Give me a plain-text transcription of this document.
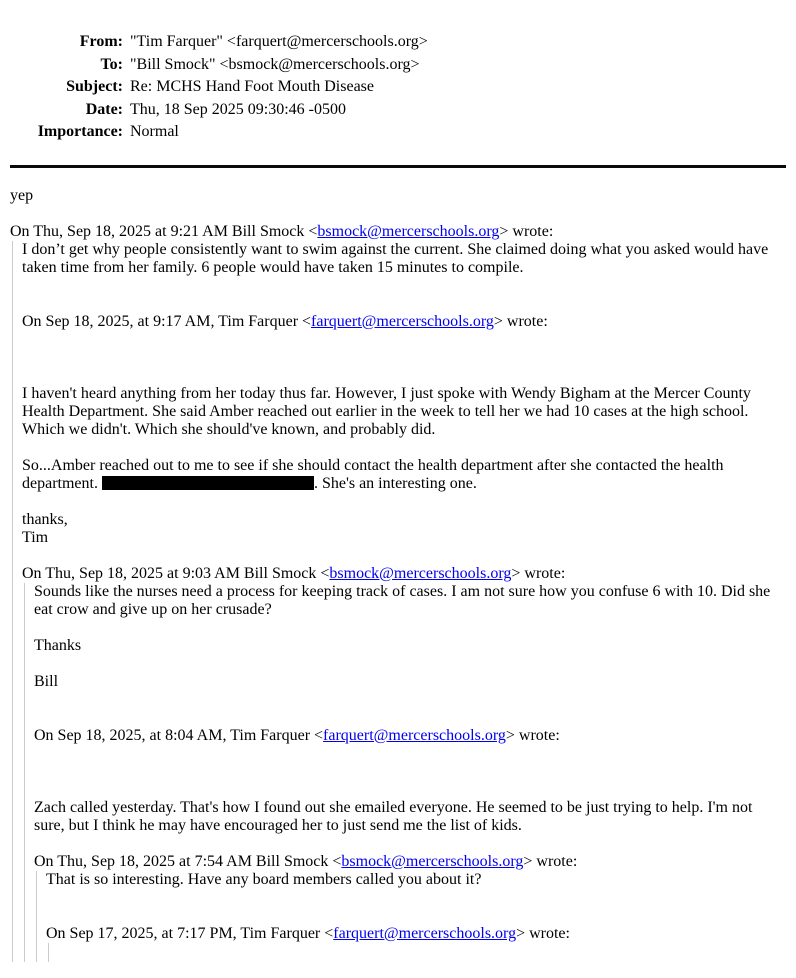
From: "Tim Farquer" <farquert@mercerschools.org>
To: "Bill Smock" <bsmock@mercerschools.org>
Subject: Re: MCHS Hand Foot Mouth Disease
Date: Thu, 18 Sep 2025 09:30:46 -0500
Importance: Normal

yep

On Thu, Sep 18, 2025 at 9:21 AM Bill Smock <bsmock@mercerschools.org> wrote:

I don’t get why people consistently want to swim against the current. She claimed doing what you asked would have taken time from her family. 6 people would have taken 15 minutes to compile.

On Sep 18, 2025, at 9:17 AM, Tim Farquer <farquert@mercerschools.org> wrote:

I haven't heard anything from her today thus far. However, I just spoke with Wendy Bigham at the Mercer County Health Department. She said Amber reached out earlier in the week to tell her we had 10 cases at the high school. Which we didn't. Which she should've known, and probably did.

So...Amber reached out to me to see if she should contact the health department after she contacted the health department.	. She's an interesting one.

thanks,

Tim

On Thu, Sep 18, 2025 at 9:03 AM Bill Smock <bsmock@mercerschools.org> wrote:

Sounds like the nurses need a process for keeping track of cases. I am not sure how you confuse 6 with 10. Did she eat crow and give up on her crusade?

Thanks

Bill

On Sep 18, 2025, at 8:04 AM, Tim Farquer <farquert@mercerschools.org> wrote:

Zach called yesterday. That's how I found out she emailed everyone. He seemed to be just trying to help. I'm not sure, but I think he may have encouraged her to just send me the list of kids.

On Thu, Sep 18, 2025 at 7:54 AM Bill Smock <bsmock@mercerschools.org> wrote:

That is so interesting. Have any board members called you about it?

On Sep 17, 2025, at 7:17 PM, Tim Farquer <farquert@mercerschools.org> wrote:
